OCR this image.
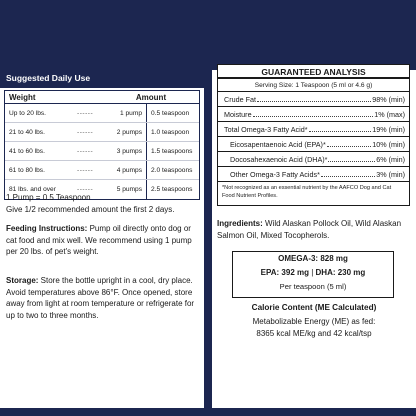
Suggested Daily Use
Weight	Amount
Up to 20 lbs.	------	1 pump	0.5 teaspoon
21 to 40 lbs.	------	2 pumps	1.0 teaspoon
41 to 60 lbs.	------	3 pumps	1.5 teaspoons
61 to 80 lbs.	------	4 pumps	2.0 teaspoons
81 lbs. and over	------	5 pumps	2.5 teaspoons
1 Pump = 0.5 Teaspoon
Give 1/2 recommended amount the first 2 days.
Feeding Instructions: Pump oil directly onto dog or cat food and mix well. We recommend using 1 pump per 20 lbs. of pet's weight.
Storage: Store the bottle upright in a cool, dry place. Avoid temperatures above 86°F. Once opened, store away from light at room temperature or refrigerate for up to two to three months.
GUARANTEED ANALYSIS
Serving Size: 1 Teaspoon (5 ml or 4.6 g)
Crude Fat	98% (min)
Moisture	1% (max)
Total Omega-3 Fatty Acid*	19% (min)
Eicosapentaenoic Acid (EPA)*	10% (min)
Docosahexaenoic Acid (DHA)*	6% (min)
Other Omega-3 Fatty Acids*	3% (min)
*Not recognized as an essential nutrient by the AAFCO Dog and Cat Food Nutrient Profiles.
Ingredients: Wild Alaskan Pollock Oil, Wild Alaskan Salmon Oil, Mixed Tocopherols.
OMEGA-3: 828 mg
EPA: 392 mg | DHA: 230 mg
Per teaspoon (5 ml)
Calorie Content (ME Calculated)
Metabolizable Energy (ME) as fed:
8365 kcal ME/kg and 42 kcal/tsp
